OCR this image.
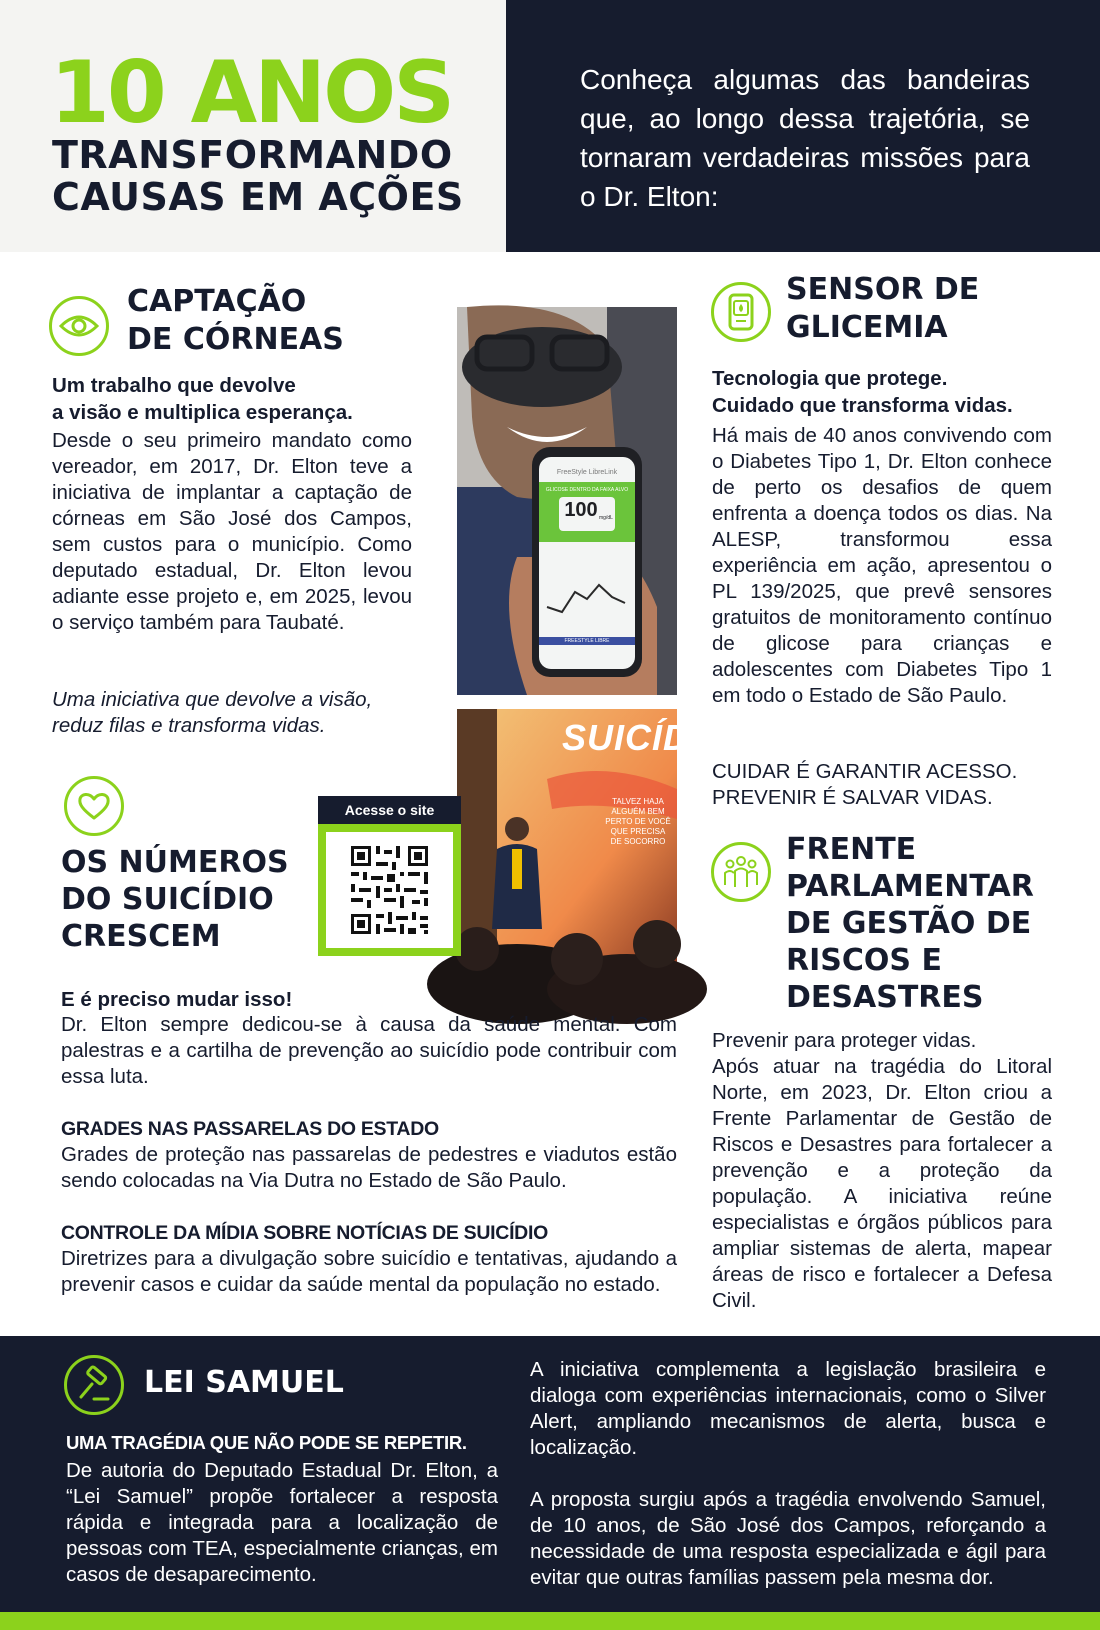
10 ANOS
TRANSFORMANDO
CAUSAS EM AÇÕES
Conheça algumas das bandeiras que, ao longo dessa trajetória, se tornaram verdadeiras missões para o Dr. Elton:
CAPTAÇÃO
DE CÓRNEAS
Um trabalho que devolve
a visão e multiplica esperança.
Desde o seu primeiro mandato como vereador, em 2017, Dr. Elton teve a iniciativa de implantar a captação de córneas em São José dos Campos, sem custos para o município. Como deputado estadual, Dr. Elton levou adiante esse projeto e, em 2025, levou o serviço também para Taubaté.
Uma iniciativa que devolve a visão, reduz filas e transforma vidas.
FreeStyle LibreLink
GLICOSE DENTRO DA FAIXA ALVO
100 mg/dL
FREESTYLE LIBRE
SUICÍD
TALVEZ HAJA ALGUÉM BEM PERTO DE VOCÊ QUE PRECISA DE SOCORRO
Acesse o site
OS NÚMEROS
DO SUICÍDIO
CRESCEM
E é preciso mudar isso!
Dr. Elton sempre dedicou-se à causa da saúde mental. Com palestras e a cartilha de prevenção ao suicídio pode contribuir com essa luta.
GRADES NAS PASSARELAS DO ESTADO
Grades de proteção nas passarelas de pedestres e viadutos estão sendo colocadas na Via Dutra no Estado de São Paulo.
CONTROLE DA MÍDIA SOBRE NOTÍCIAS DE SUICÍDIO
Diretrizes para a divulgação sobre suicídio e tentativas, ajudando a prevenir casos e cuidar da saúde mental da população no estado.
SENSOR DE
GLICEMIA
Tecnologia que protege.
Cuidado que transforma vidas.
Há mais de 40 anos convivendo com o Diabetes Tipo 1, Dr. Elton conhece de perto os desafios de quem enfrenta a doença todos os dias. Na ALESP, transformou essa experiência em ação, apresentou o PL 139/2025, que prevê sensores gratuitos de monitoramento contínuo de glicose para crianças e adolescentes com Diabetes Tipo 1 em todo o Estado de São Paulo.
CUIDAR É GARANTIR ACESSO.
PREVENIR É SALVAR VIDAS.
FRENTE
PARLAMENTAR
DE GESTÃO DE
RISCOS E
DESASTRES
Prevenir para proteger vidas.
Após atuar na tragédia do Litoral Norte, em 2023, Dr. Elton criou a Frente Parlamentar de Gestão de Riscos e Desastres para fortalecer a prevenção e a proteção da população. A iniciativa reúne especialistas e órgãos públicos para ampliar sistemas de alerta, mapear áreas de risco e fortalecer a Defesa Civil.
LEI SAMUEL
UMA TRAGÉDIA QUE NÃO PODE SE REPETIR.
De autoria do Deputado Estadual Dr. Elton, a “Lei Samuel” propõe fortalecer a resposta rápida e integrada para a localização de pessoas com TEA, especialmente crianças, em casos de desaparecimento.
A iniciativa complementa a legislação brasileira e dialoga com experiências internacionais, como o Silver Alert, ampliando mecanismos de alerta, busca e localização.
A proposta surgiu após a tragédia envolvendo Samuel, de 10 anos, de São José dos Campos, reforçando a necessidade de uma resposta especializada e ágil para evitar que outras famílias passem pela mesma dor.
